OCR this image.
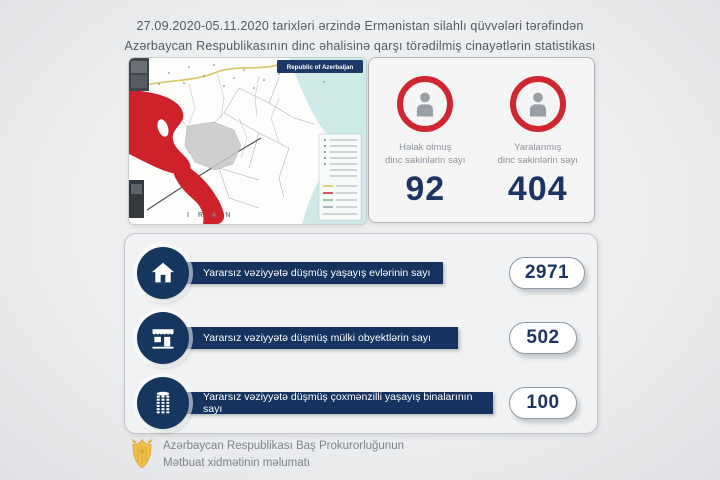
27.09.2020-05.11.2020 tarixləri ərzində Ermənistan silahlı qüvvələri tərəfindən
Azərbaycan Respublikasının dinc əhalisinə qarşı törədilmiş cinayətlərin statistikası
Republic of Azerbaijan
I R A N
Həlak olmuş
dinc sakinlərin sayı
92
Yaralanmış
dinc sakinlərin sayı
404
Yararsız vəziyyətə düşmüş yaşayış evlərinin sayı	2971
Yararsız vəziyyətə düşmüş mülki obyektlərin sayı	502
Yararsız vəziyyətə düşmüş çoxmənzilli yaşayış binalarının sayı	100
Azərbaycan Respublikası Baş Prokurorluğunun
Mətbuat xidmətinin məlumatı
